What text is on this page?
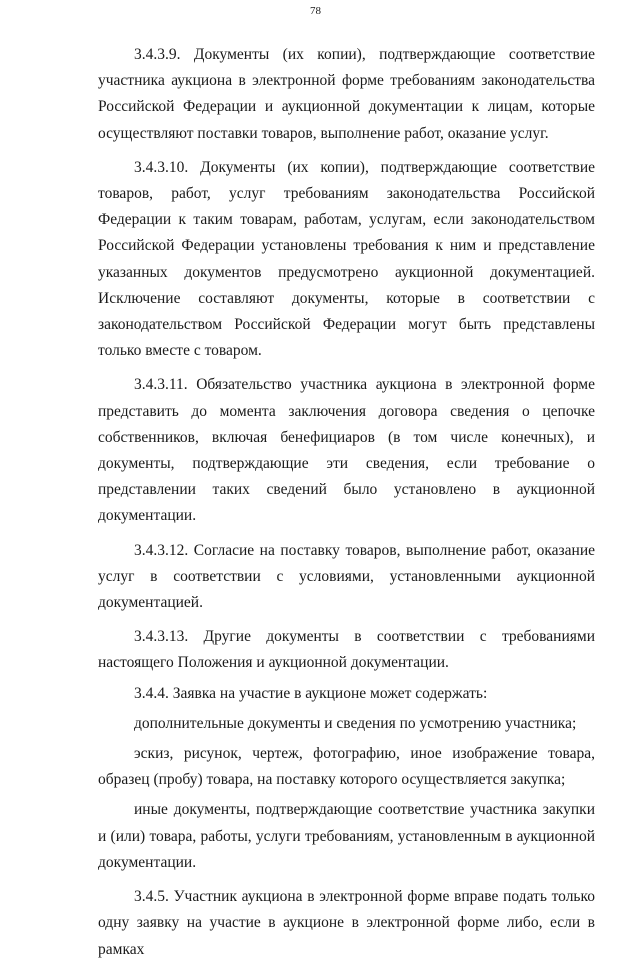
78

3.4.3.9. Документы (их копии), подтверждающие соответствие участника аукциона в электронной форме требованиям законодательства Российской Федерации и аукционной документации к лицам, которые осуществляют поставки товаров, выполнение работ, оказание услуг.

3.4.3.10. Документы (их копии), подтверждающие соответствие товаров, работ, услуг требованиям законодательства Российской Федерации к таким товарам, работам, услугам, если законодательством Российской Федерации установлены требования к ним и представление указанных документов предусмотрено аукционной документацией. Исключение составляют документы, которые в соответствии с законодательством Российской Федерации могут быть представлены только вместе с товаром.

3.4.3.11. Обязательство участника аукциона в электронной форме представить до момента заключения договора сведения о цепочке собственников, включая бенефициаров (в том числе конечных), и документы, подтверждающие эти сведения, если требование о представлении таких сведений было установлено в аукционной документации.

3.4.3.12. Согласие на поставку товаров, выполнение работ, оказание услуг в соответствии с условиями, установленными аукционной документацией.

3.4.3.13. Другие документы в соответствии с требованиями настоящего Положения и аукционной документации.

3.4.4. Заявка на участие в аукционе может содержать:

дополнительные документы и сведения по усмотрению участника;

эскиз, рисунок, чертеж, фотографию, иное изображение товара, образец (пробу) товара, на поставку которого осуществляется закупка;

иные документы, подтверждающие соответствие участника закупки и (или) товара, работы, услуги требованиям, установленным в аукционной документации.

3.4.5. Участник аукциона в электронной форме вправе подать только одну заявку на участие в аукционе в электронной форме либо, если в рамках
